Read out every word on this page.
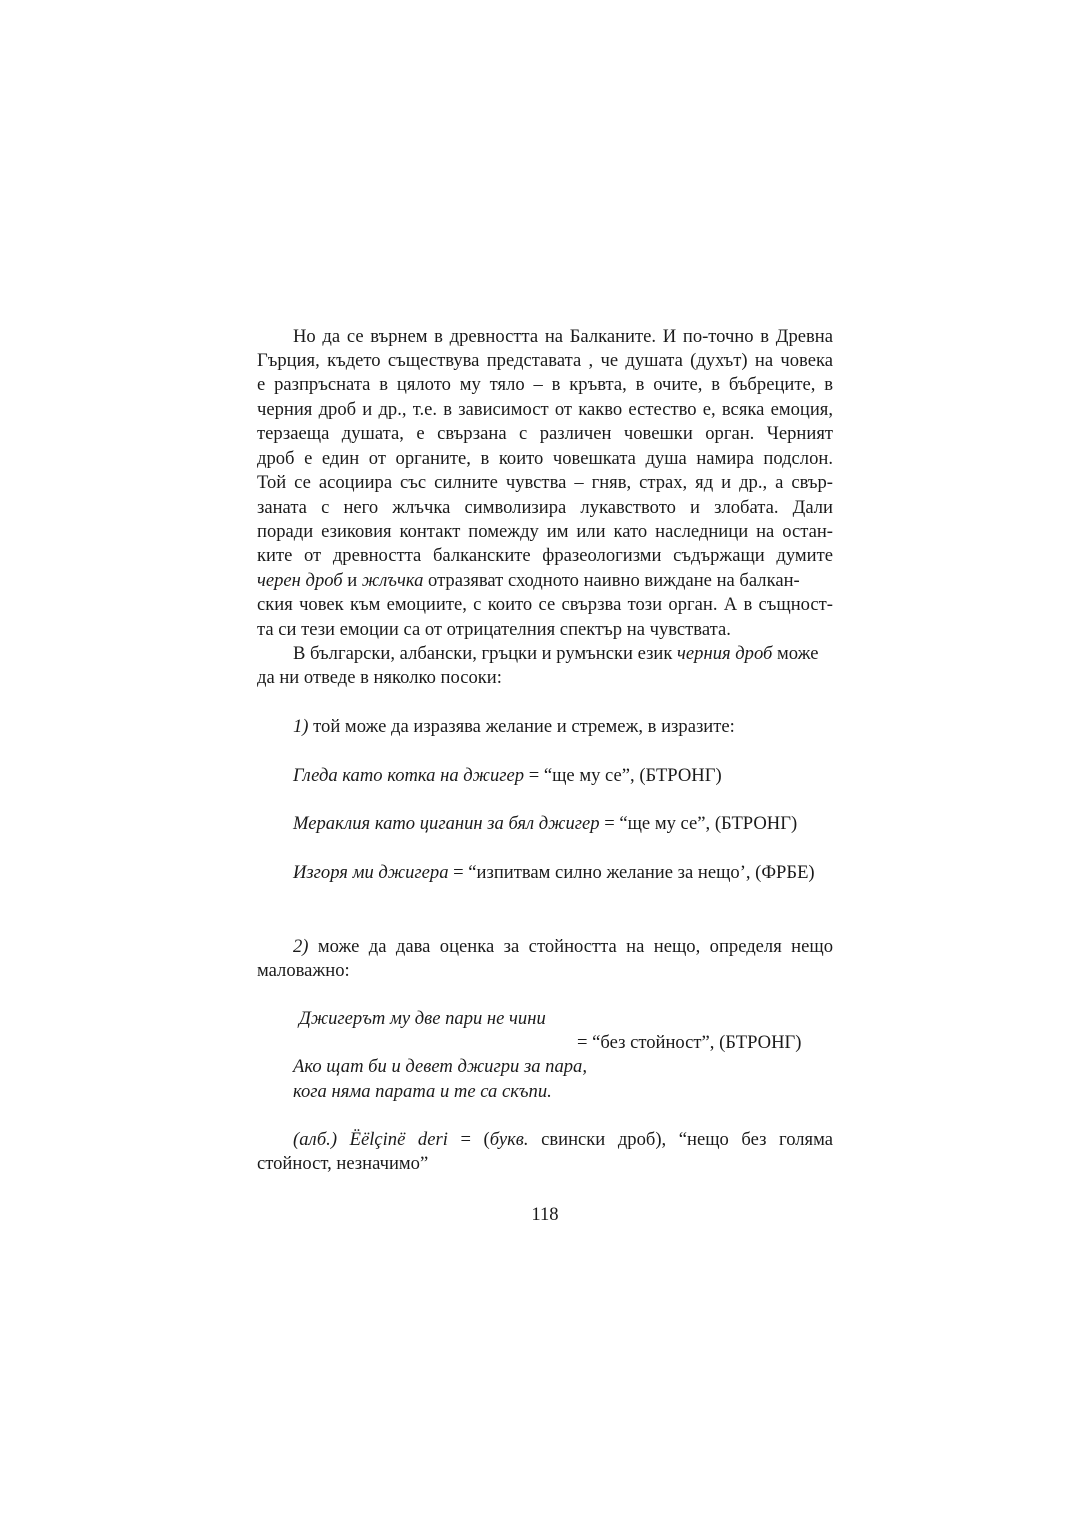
Но да се върнем в древността на Балканите. И по-точно в Древна
Гърция, където съществува представата , че душата (духът) на човека
е разпръсната в цялото му тяло – в кръвта, в очите, в бъбреците, в
черния дроб и др., т.е. в зависимост от какво естество е, всяка емоция,
терзаеща душата, е свързана с различен човешки орган. Черният
дроб е един от органите, в които човешката душа намира подслон.
Той се асоциира със силните чувства – гняв, страх, яд и др., а свър-
заната с него жлъчка символизира лукавството и злобата. Дали
поради езиковия контакт помежду им или като наследници на остан-
ките от древността балканските фразеологизми съдържащи думите
черен дроб и жлъчка отразяват сходното наивно виждане на балкан-
ския човек към емоциите, с които се свързва този орган. А в същност-
та си тези емоции са от отрицателния спектър на чувствата.
В български, албански, гръцки и румънски език черния дроб може
да ни отведе в няколко посоки:
1) той може да изразява желание и стремеж, в изразите:
Гледа като котка на джигер = “ще му се”, (БТРОНГ)
Мераклия като циганин за бял джигер = “ще му се”, (БТРОНГ)
Изгоря ми джигера = “изпитвам силно желание за нещо’, (ФРБЕ)
2) може да дава оценка за стойността на нещо, определя нещо
маловажно:
Джигерът му две пари не чини
= “без стойност”, (БТРОНГ)
Ако щат би и девет джигри за пара,
кога няма парата и те са скъпи.
(алб.) Ëëlçinë deri = (букв. свински дроб), “нещо без голяма
стойност, незначимо”
118
